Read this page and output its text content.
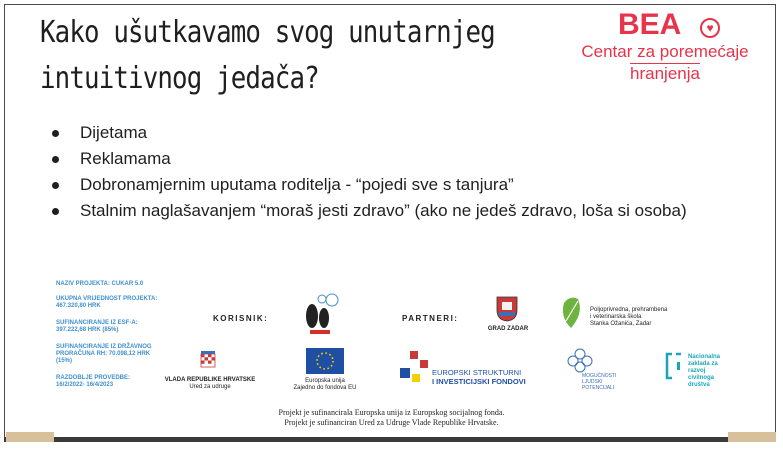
Kako ušutkavamo svog unutarnjeg
intuitivnog jedača?
BEA	♥
Centar za poremećaje
hranjenja
Dijetama
Reklamama
Dobronamjernim uputama roditelja - “pojedi sve s tanjura”
Stalnim naglašavanjem “moraš jesti zdravo” (ako ne jedeš zdravo, loša si osoba)
NAZIV PROJEKTA: CUKAR 5.0
UKUPNA VRIJEDNOST PROJEKTA:
467.320,80 HRK
SUFINANCIRANJE IZ ESF-A:
397.222,68 HRK (85%)
SUFINANCIRANJE IZ DRŽAVNOG
PRORAČUNA RH: 70.098,12 HRK
(15%)
RAZDOBLJE PROVEDBE:
16/2/2022- 16/4/2023
KORISNIK:	PARTNERI:
GRAD ZADAR
Poljoprivredna, prehrambena
i veterinarska škola
Stanka Ožanića, Zadar
VLADA REPUBLIKE HRVATSKE
Ured za udruge
Europska unija
Zajedno do fondova EU
EUROPSKI STRUKTURNI
I INVESTICIJSKI FONDOVI
MOGUĆNOSTI
LJUDSKI
POTENCIJALI
Nacionalna
zaklada za
razvoj
civilnoga
društva
Projekt je sufinancirala Europska unija iz Europskog socijalnog fonda.
Projekt je sufinanciran Ured za Udruge Vlade Republike Hrvatske.
